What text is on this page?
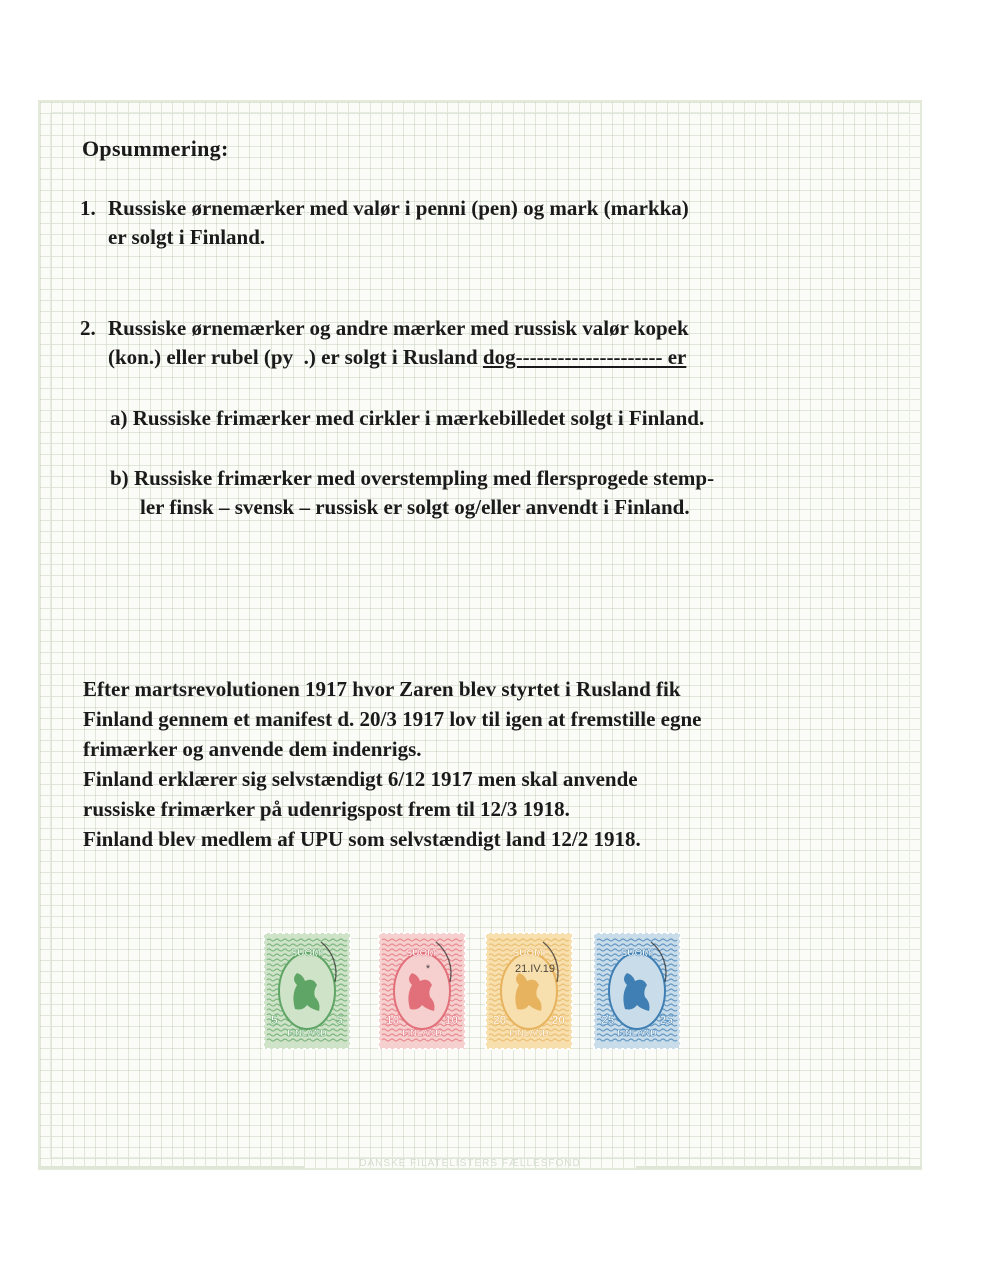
Opsummering:
1. Russiske ørnemærker med valør i penni (pen) og mark (markka)
er solgt i Finland.
2. Russiske ørnemærker og andre mærker med russisk valør kopek
(kon.) eller rubel (py  .) er solgt i Rusland dog--------------------- er
a) Russiske frimærker med cirkler i mærkebilledet solgt i Finland.
b) Russiske frimærker med overstempling med flersprogede stemp-
ler finsk – svensk – russisk er solgt og/eller anvendt i Finland.
Efter martsrevolutionen 1917 hvor Zaren blev styrtet i Rusland fik
Finland gennem et manifest d. 20/3 1917 lov til igen at fremstille egne
frimærker og anvende dem indenrigs.
Finland erklærer sig selvstændigt 6/12 1917 men skal anvende
russiske frimærker på udenrigspost frem til 12/3 1918.
Finland blev medlem af UPU som selvstændigt land 12/2 1918.
SUOMI
FINLAND
5	5
SUOMI
FINLAND
10	10
*
SUOMI
FINLAND
20	20
21.IV.19
SUOMI
FINLAND
25	25
DANSKE FILATELISTERS FÆLLESFOND
